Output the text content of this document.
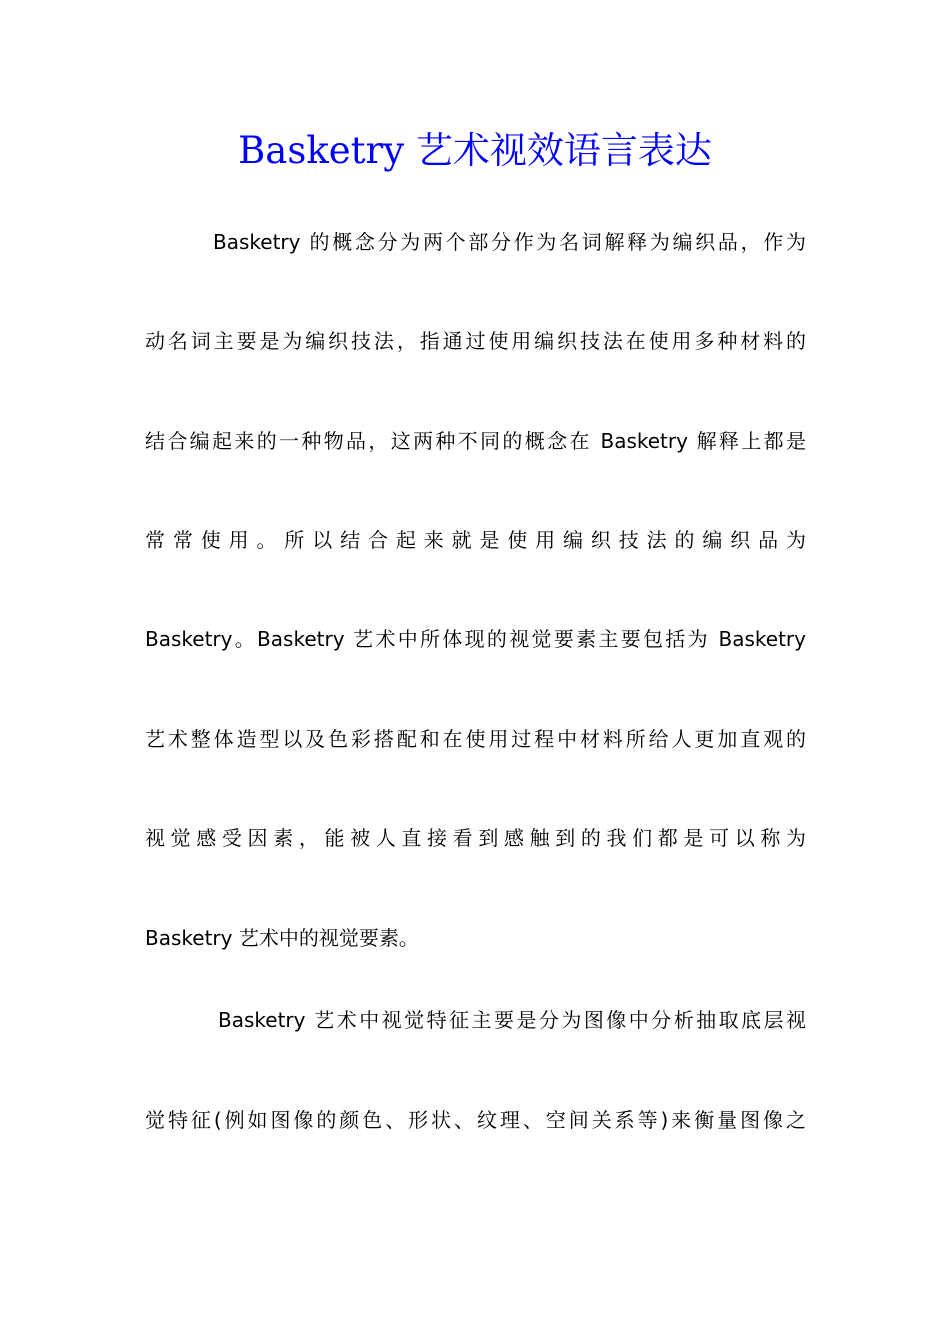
Basketry 艺术视效语言表达
Basketry 的概念分为两个部分作为名词解释为编织品，作为
动名词主要是为编织技法，指通过使用编织技法在使用多种材料的
结合编起来的一种物品，这两种不同的概念在 Basketry 解释上都是
常常使用。所以结合起来就是使用编织技法的编织品为
Basketry。Basketry 艺术中所体现的视觉要素主要包括为 Basketry
艺术整体造型以及色彩搭配和在使用过程中材料所给人更加直观的
视觉感受因素，能被人直接看到感触到的我们都是可以称为
Basketry 艺术中的视觉要素。
Basketry 艺术中视觉特征主要是分为图像中分析抽取底层视
觉特征(例如图像的颜色、形状、纹理、空间关系等)来衡量图像之
